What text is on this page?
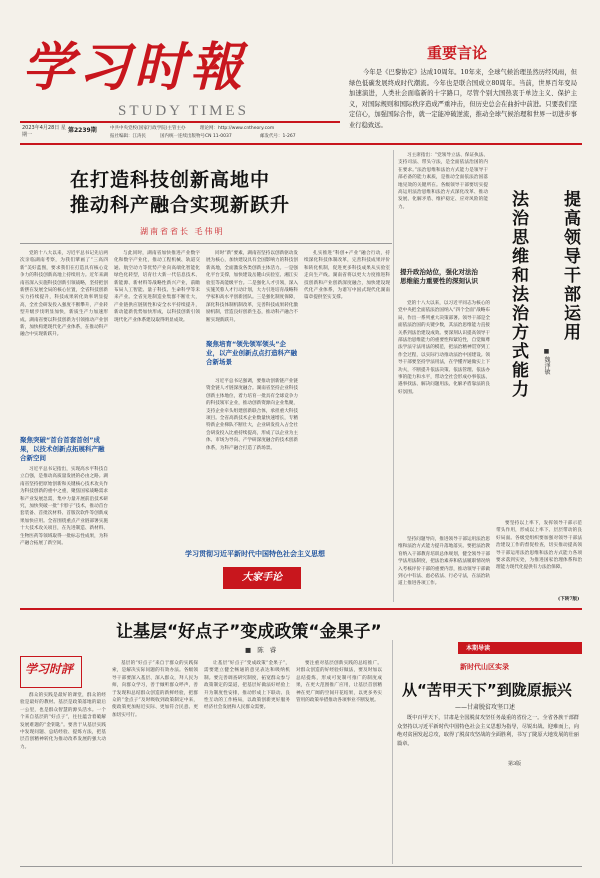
学习时報
STUDY TIMES
2023年4月28日 星期一
第2239期	中共中央党校(国家行政学院)主管主办	理论网：http://www.cntheory.com
报社编辑：江涛民	国内统一连续出版物号CN 11-0037	邮发代号：1-267
重要言论
今年是《巴黎协定》达成10周年。10年来，全球气候治理虽然历经风雨，但绿色低碳发展终成时代潮流。今年也是联合国成立80周年。当前，世界百年变局加速演进，人类社会面临新的十字路口，尽管个别大国热衷于单边主义、保护主义，对国际规则和国际秩序造成严重冲击，但历史总会在曲折中前进。只要我们坚定信心，加强国际合作，就一定能冲破逆流，推动全球气候治理和世界一切进步事业行稳致远。
在打造科技创新高地中
推动科产融合实现新跃升
湖南省省长 毛伟明
党的十八大以来，习近平总书记先后两次亲临湖南考察，为我们擘画了“三高四新”美好蓝图，要求我们在打造具有核心竞争力的科技创新高地上持续用力。近年来湖南省深入实施科技创新引领战略，坚持把创新摆在发展全局的核心位置，全省科技创新实力持续提升，科技成果转化效率明显提高，全社会研发投入强度不断攀升，产业转型升级步伐明显加快，新质生产力加速形成。湖南省要以科技创新为引领推动产业创新，加快构建现代化产业体系，在推动科产融合中实现新跃升。
聚焦突破“首台首套首创”成果，以技术创新点拓展科产融合新空间
习近平总书记指出，实现高水平科技自立自强，是推动高质量发展的必由之路。湖南省坚持把原始创新和关键核心技术攻关作为科技创新的重中之重，聚焦国家战略需求和产业发展急需，集中力量开展前沿技术研究，加快突破一批“卡脖子”技术，推动首台套装备、首批次材料、首版次软件等创新成果加快应用。全省围绕重点产业链部署实施十大技术攻关项目，在先进制造、新材料、生物医药等领域取得一批标志性成果，为科产融合拓展了新空间。
与此同时，湖南省加快推进产业数字化和数字产业化，推动工程机械、轨道交通、航空动力等优势产业向高端化智能化绿色化转型，培育壮大新一代信息技术、新能源、新材料等战略性新兴产业，前瞻布局人工智能、量子科技、生命科学等未来产业。全省先进制造业集群不断壮大，产业链供应链韧性和安全水平持续提升，新动能新优势加快形成，以科技创新引领现代化产业体系建设取得明显成效。
聚焦培育“领先领军领头”企业，以产业创新点点打造科产融合新场景
同时“新”要素，湖南省坚持以创新驱动发展为核心，加快建设具有全国影响力的科技创新高地，全面激发各类创新主体活力。一是强化平台支撑，加快建设岳麓山实验室、湘江实验室等高能级平台。二是强化人才引领，深入实施芙蓉人才行动计划，大力引进培育战略科学家和高水平创新团队。三是强化制度保障，深化科技体制机制改革，完善科技成果转化激励机制，营造良好创新生态，推动科产融合不断实现新跃升。
习近平总书记强调，要推动创新链产业链资金链人才链深度融合。湖南省坚持企业科技创新主体地位，着力培育一批具有全球竞争力的科技领军企业，推动创新资源向企业集聚，支持企业牵头组建创新联合体，承担重大科技项目。全省高新技术企业数量快速增长，专精特新企业梯队不断壮大，企业研发投入占全社会研发投入比重持续提高，形成了以企业为主体、市场为导向、产学研深度融合的技术创新体系，为科产融合打造了新场景。
扎实推进“科创+产业”融合行动，持续深化科技体制改革，完善科技成果评价和转化机制，促进更多科技成果从实验室走向生产线。湖南省将以更大力度推进科技创新和产业创新深度融合，加快建设现代化产业体系，为谱写中国式现代化湖南篇章提供坚实支撑。
学习贯彻习近平新时代中国特色社会主义思想
大家手论
习主席指出：“党领导立法、保证执法、支持司法、带头守法，是全面依法治国的内在要求。”法治思维和法治方式能力是领导干部必备的能力素质，是推动全面依法治国落地见效的关键所在。各级领导干部要切实提高运用法治思维和法治方式深化改革、推动发展、化解矛盾、维护稳定、应对风险的能力。	提高领导干部运用
法治思维和法治方式能力	■ 魏泽敏
提升政治站位，强化对法治思维能力重要性的深刻认识
党的十八大以来，以习近平同志为核心的党中央把全面依法治国纳入“四个全面”战略布局，作出一系列重大决策部署。领导干部是全面依法治国的关键少数，其法治思维能力直接关系到法治建设成效。要深刻认识提高领导干部法治思维能力的重要性和紧迫性，自觉做尊法学法守法用法的模范，把法治精神贯穿到工作全过程，以实际行动推动法治中国建设。领导干部要坚持学法用法，在学懂弄通做实上下功夫，不断提升依法决策、依法管理、依法办事的能力和水平，带动全社会形成办事依法、遇事找法、解决问题用法、化解矛盾靠法的良好氛围。
坚持问题导向，推进领导干部运用法治思维和法治方式能力提升落地落实。要把法治教育纳入干部教育培训总体规划，健全领导干部学法用法制度，把法治素养和依法履职情况纳入考核评价干部的重要内容，推动领导干部做到心中有法、虑必依法、行必守法，在法治轨道上推进各项工作。
要坚持以上率下，发挥领导干部示范带头作用，形成以上率下、层层带动的良好局面。各级党组织要加强对领导干部法治建设工作的督促检查，切实推动提高领导干部运用法治思维和法治方式能力各项要求落到实处，为推进国家治理体系和治理能力现代化提供有力法治保障。
(下转7版)
让基层“好点子”变成政策“金果子”
■ 陈 睿
学习时評
群众的实践是最好的课堂，群众的经验是最好的教材。基层是政策落地的最后一公里，也是群众智慧的源头活水。一个个来自基层的“好点子”，往往蕴含着破解发展难题的“金钥匙”。要善于从基层实践中发现问题、总结经验、提炼方法，把基层首创精神转化为推动改革发展的强大动力。
基层的“好点子”来自于群众的实践探索，是解决实际问题的有效办法。各级领导干部要深入基层、深入群众，拜人民为师，向群众学习，善于倾听群众呼声，善于发现和总结群众创造的新鲜经验，把群众的“金点子”及时吸收到政策制定中来，使政策更加贴近实际、更加符合民意、更加切实可行。
让基层“好点子”变成政策“金果子”，需要建立健全畅通的意见表达和吸纳机制。要完善调查研究制度，拓宽群众参与政策制定的渠道，把基层好做法好经验上升为制度性安排，推动形成上下联动、良性互动的工作格局，以政策创新更好服务经济社会发展和人民群众需要。
要注重对基层创新实践的总结推广。对群众创造的好经验好做法，要及时加以总结提炼，形成可复制可推广的制度成果，在更大范围推广应用，让基层首创精神在更广阔的空间开花结果，以更多务实管用的政策举措推动各项事业不断发展。
本期导读
新时代山区实录
从“苦甲天下”到陇原振兴
——甘肃脱贫攻坚口述
既中百甲天下，甘肃是全国脱贫攻坚任务最重的省份之一。全省各族干部群众坚持以习近平新时代中国特色社会主义思想为指导，尽锐出战、迎难而上，向绝对贫困发起总攻，取得了脱贫攻坚战的全面胜利，书写了陇原大地发展的壮丽篇章。
第3版
